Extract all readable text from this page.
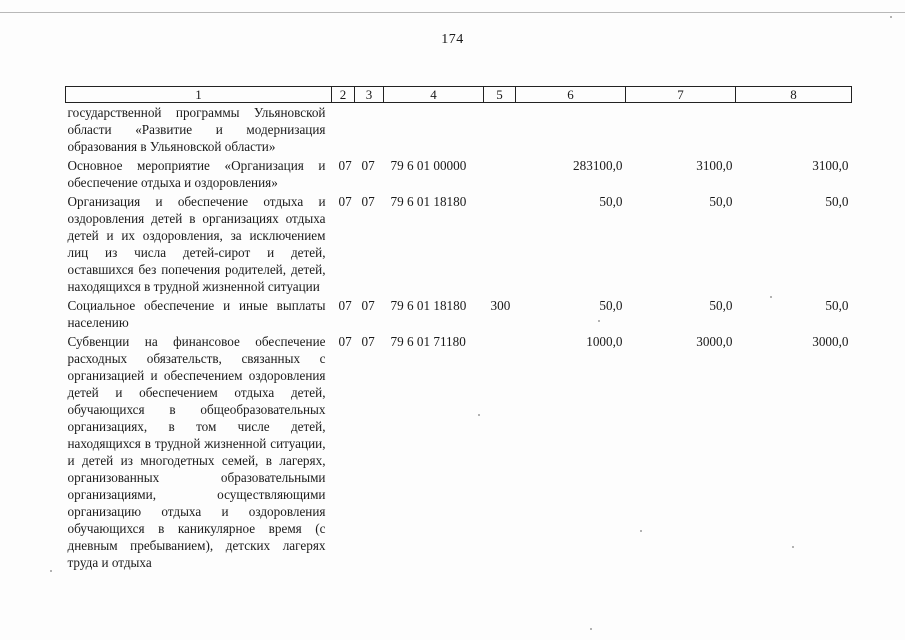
174
1	2	3	4	5	6	7	8
государственной программы Ульяновской области «Развитие и модернизация образования в Ульяновской области»							
Основное мероприятие «Организация и обеспечение отдыха и оздоровления»	07	07	79 6 01 00000		283100,0	3100,0	3100,0
Организация и обеспечение отдыха и оздоровления детей в организациях отдыха детей и их оздоровления, за исключением лиц из числа детей-сирот и детей, оставшихся без попечения родителей, детей, находящихся в трудной жизненной ситуации	07	07	79 6 01 18180		50,0	50,0	50,0
Социальное обеспечение и иные выплаты населению	07	07	79 6 01 18180	300	50,0	50,0	50,0
Субвенции на финансовое обеспечение расходных обязательств, связанных с организацией и обеспечением оздоровления детей и обеспечением отдыха детей, обучающихся в общеобразовательных организациях, в том числе детей, находящихся в трудной жизненной ситуации, и детей из многодетных семей, в лагерях, организованных образовательными организациями, осуществляющими организацию отдыха и оздоровления обучающихся в каникулярное время (с дневным пребыванием), детских лагерях труда и отдыха	07	07	79 6 01 71180		1000,0	3000,0	3000,0
